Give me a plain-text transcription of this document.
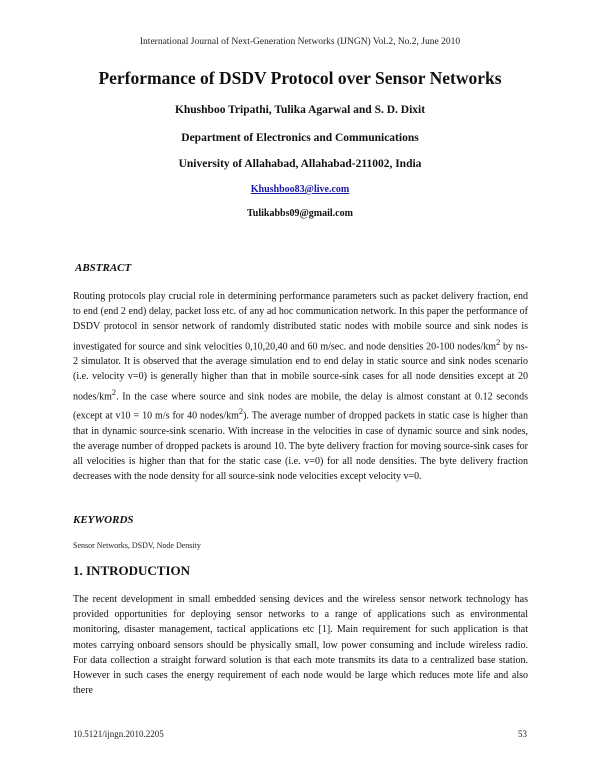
International Journal of Next-Generation Networks (IJNGN) Vol.2, No.2, June 2010
Performance of DSDV Protocol over Sensor Networks
Khushboo Tripathi, Tulika Agarwal and S. D. Dixit
Department of Electronics and Communications
University of Allahabad, Allahabad-211002, India
Khushboo83@live.com
Tulikabbs09@gmail.com
ABSTRACT

Routing protocols play crucial role in determining performance parameters such as packet delivery fraction, end to end (end 2 end) delay, packet loss etc. of any ad hoc communication network. In this paper the performance of DSDV protocol in sensor network of randomly distributed static nodes with mobile source and sink nodes is investigated for source and sink velocities 0,10,20,40 and 60 m/sec. and node densities 20-100 nodes/$km^2$ by ns-2 simulator. It is observed that the average simulation end to end delay in static source and sink nodes scenario (i.e. velocity v=0) is generally higher than that in mobile source-sink cases for all node densities except at 20 nodes/$km^2$. In the case where source and sink nodes are mobile, the delay is almost constant at 0.12 seconds (except at v10 = 10 m/s for 40 nodes/$km^2$). The average number of dropped packets in static case is higher than that in dynamic source-sink scenario. With increase in the velocities in case of dynamic source and sink nodes, the average number of dropped packets is around 10. The byte delivery fraction for moving source-sink cases for all velocities is higher than that for the static case (i.e. v=0) for all node densities. The byte delivery fraction decreases with the node density for all source-sink node velocities except velocity v=0.

KEYWORDS
Sensor Networks, DSDV, Node Density
1. INTRODUCTION

The recent development in small embedded sensing devices and the wireless sensor network technology has provided opportunities for deploying sensor networks to a range of applications such as environmental monitoring, disaster management, tactical applications etc [1]. Main requirement for such application is that motes carrying onboard sensors should be physically small, low power consuming and include wireless radio. For data collection a straight forward solution is that each mote transmits its data to a centralized base station. However in such cases the energy requirement of each node would be large which reduces mote life and also there

10.5121/ijngn.2010.2205	53
